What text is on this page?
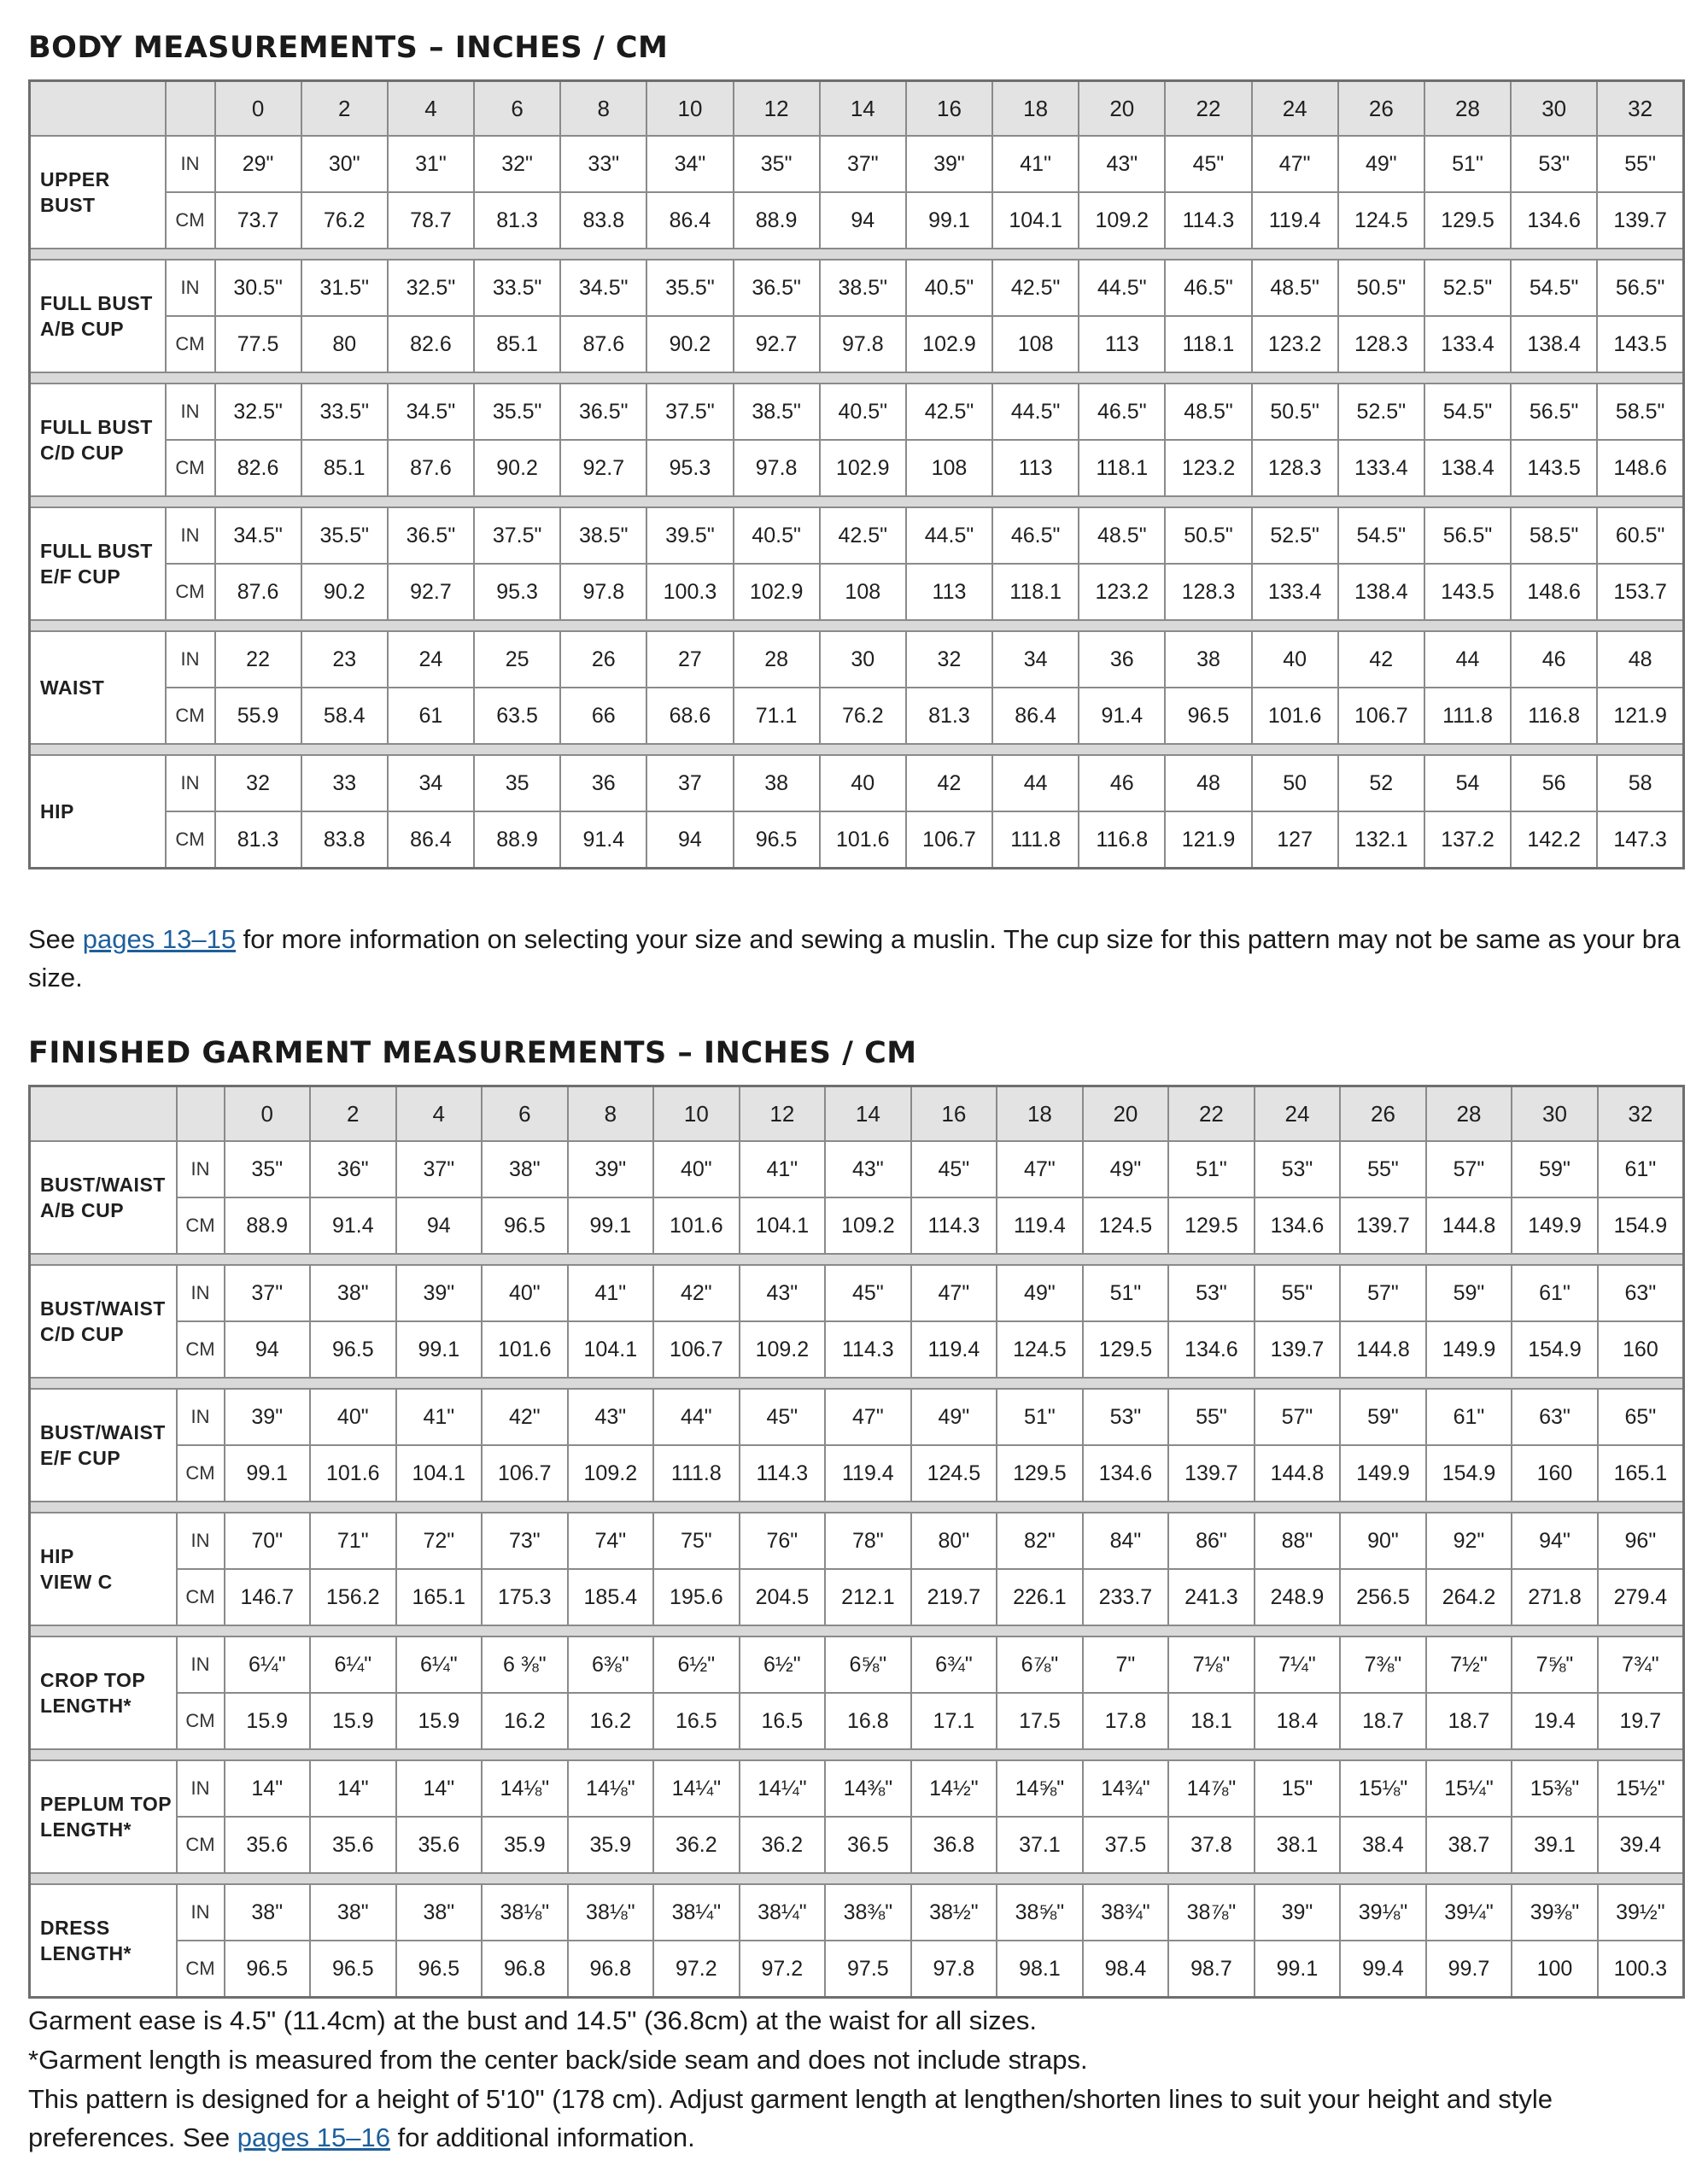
BODY MEASUREMENTS – INCHES / CM
		0	2	4	6	8	10	12	14	16	18	20	22	24	26	28	30	32
UPPER
BUST	IN	29"	30"	31"	32"	33"	34"	35"	37"	39"	41"	43"	45"	47"	49"	51"	53"	55"
	CM	73.7	76.2	78.7	81.3	83.8	86.4	88.9	94	99.1	104.1	109.2	114.3	119.4	124.5	129.5	134.6	139.7

FULL BUST
A/B CUP	IN	30.5"	31.5"	32.5"	33.5"	34.5"	35.5"	36.5"	38.5"	40.5"	42.5"	44.5"	46.5"	48.5"	50.5"	52.5"	54.5"	56.5"
	CM	77.5	80	82.6	85.1	87.6	90.2	92.7	97.8	102.9	108	113	118.1	123.2	128.3	133.4	138.4	143.5

FULL BUST
C/D CUP	IN	32.5"	33.5"	34.5"	35.5"	36.5"	37.5"	38.5"	40.5"	42.5"	44.5"	46.5"	48.5"	50.5"	52.5"	54.5"	56.5"	58.5"
	CM	82.6	85.1	87.6	90.2	92.7	95.3	97.8	102.9	108	113	118.1	123.2	128.3	133.4	138.4	143.5	148.6

FULL BUST
E/F CUP	IN	34.5"	35.5"	36.5"	37.5"	38.5"	39.5"	40.5"	42.5"	44.5"	46.5"	48.5"	50.5"	52.5"	54.5"	56.5"	58.5"	60.5"
	CM	87.6	90.2	92.7	95.3	97.8	100.3	102.9	108	113	118.1	123.2	128.3	133.4	138.4	143.5	148.6	153.7

WAIST	IN	22	23	24	25	26	27	28	30	32	34	36	38	40	42	44	46	48
	CM	55.9	58.4	61	63.5	66	68.6	71.1	76.2	81.3	86.4	91.4	96.5	101.6	106.7	111.8	116.8	121.9

HIP	IN	32	33	34	35	36	37	38	40	42	44	46	48	50	52	54	56	58
	CM	81.3	83.8	86.4	88.9	91.4	94	96.5	101.6	106.7	111.8	116.8	121.9	127	132.1	137.2	142.2	147.3

See pages 13–15 for more information on selecting your size and sewing a muslin. The cup size for this pattern may not be same as your bra size.

FINISHED GARMENT MEASUREMENTS – INCHES / CM
		0	2	4	6	8	10	12	14	16	18	20	22	24	26	28	30	32
BUST/WAIST
A/B CUP	IN	35"	36"	37"	38"	39"	40"	41"	43"	45"	47"	49"	51"	53"	55"	57"	59"	61"
	CM	88.9	91.4	94	96.5	99.1	101.6	104.1	109.2	114.3	119.4	124.5	129.5	134.6	139.7	144.8	149.9	154.9

BUST/WAIST
C/D CUP	IN	37"	38"	39"	40"	41"	42"	43"	45"	47"	49"	51"	53"	55"	57"	59"	61"	63"
	CM	94	96.5	99.1	101.6	104.1	106.7	109.2	114.3	119.4	124.5	129.5	134.6	139.7	144.8	149.9	154.9	160

BUST/WAIST
E/F CUP	IN	39"	40"	41"	42"	43"	44"	45"	47"	49"	51"	53"	55"	57"	59"	61"	63"	65"
	CM	99.1	101.6	104.1	106.7	109.2	111.8	114.3	119.4	124.5	129.5	134.6	139.7	144.8	149.9	154.9	160	165.1

HIP
VIEW C	IN	70"	71"	72"	73"	74"	75"	76"	78"	80"	82"	84"	86"	88"	90"	92"	94"	96"
	CM	146.7	156.2	165.1	175.3	185.4	195.6	204.5	212.1	219.7	226.1	233.7	241.3	248.9	256.5	264.2	271.8	279.4

CROP TOP
LENGTH*	IN	6¼"	6¼"	6¼"	6 ⅜"	6⅜"	6½"	6½"	6⅝"	6¾"	6⅞"	7"	7⅛"	7¼"	7⅜"	7½"	7⅝"	7¾"
	CM	15.9	15.9	15.9	16.2	16.2	16.5	16.5	16.8	17.1	17.5	17.8	18.1	18.4	18.7	18.7	19.4	19.7

PEPLUM TOP
LENGTH*	IN	14"	14"	14"	14⅛"	14⅛"	14¼"	14¼"	14⅜"	14½"	14⅝"	14¾"	14⅞"	15"	15⅛"	15¼"	15⅜"	15½"
	CM	35.6	35.6	35.6	35.9	35.9	36.2	36.2	36.5	36.8	37.1	37.5	37.8	38.1	38.4	38.7	39.1	39.4

DRESS
LENGTH*	IN	38"	38"	38"	38⅛"	38⅛"	38¼"	38¼"	38⅜"	38½"	38⅝"	38¾"	38⅞"	39"	39⅛"	39¼"	39⅜"	39½"
	CM	96.5	96.5	96.5	96.8	96.8	97.2	97.2	97.5	97.8	98.1	98.4	98.7	99.1	99.4	99.7	100	100.3

Garment ease is 4.5" (11.4cm) at the bust and 14.5" (36.8cm) at the waist for all sizes.

*Garment length is measured from the center back/side seam and does not include straps.

This pattern is designed for a height of 5'10" (178 cm). Adjust garment length at lengthen/shorten lines to suit your height and style preferences. See pages 15–16 for additional information.
